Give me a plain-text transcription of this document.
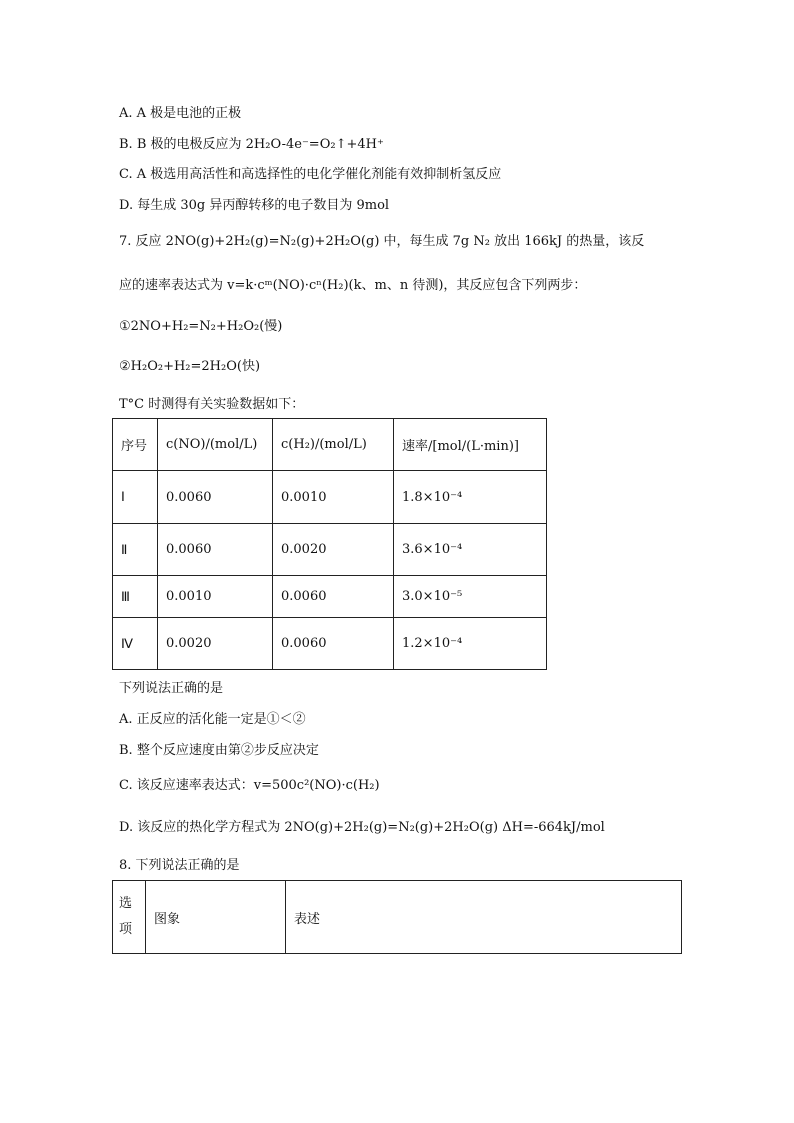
A. A 极是电池的正极
B. B 极的电极反应为 2H₂O-4e⁻=O₂↑+4H⁺
C. A 极选用高活性和高选择性的电化学催化剂能有效抑制析氢反应
D. 每生成 30g 异丙醇转移的电子数目为 9mol
7. 反应 2NO(g)+2H₂(g)=N₂(g)+2H₂O(g) 中，每生成 7g N₂ 放出 166kJ 的热量，该反
应的速率表达式为 v=k·cᵐ(NO)·cⁿ(H₂)(k、m、n 待测)，其反应包含下列两步：
①2NO+H₂=N₂+H₂O₂(慢)
②H₂O₂+H₂=2H₂O(快)
T°C 时测得有关实验数据如下：
序号	c(NO)/(mol/L)	c(H₂)/(mol/L)	速率/[mol/(L·min)]
Ⅰ	0.0060	0.0010	1.8×10⁻⁴
Ⅱ	0.0060	0.0020	3.6×10⁻⁴
Ⅲ	0.0010	0.0060	3.0×10⁻⁵
Ⅳ	0.0020	0.0060	1.2×10⁻⁴
下列说法正确的是
A. 正反应的活化能一定是①＜②
B. 整个反应速度由第②步反应决定
C. 该反应速率表达式：v=500c²(NO)·c(H₂)
D. 该反应的热化学方程式为 2NO(g)+2H₂(g)=N₂(g)+2H₂O(g) ΔH=-664kJ/mol
8. 下列说法正确的是
选项	图象	表述
